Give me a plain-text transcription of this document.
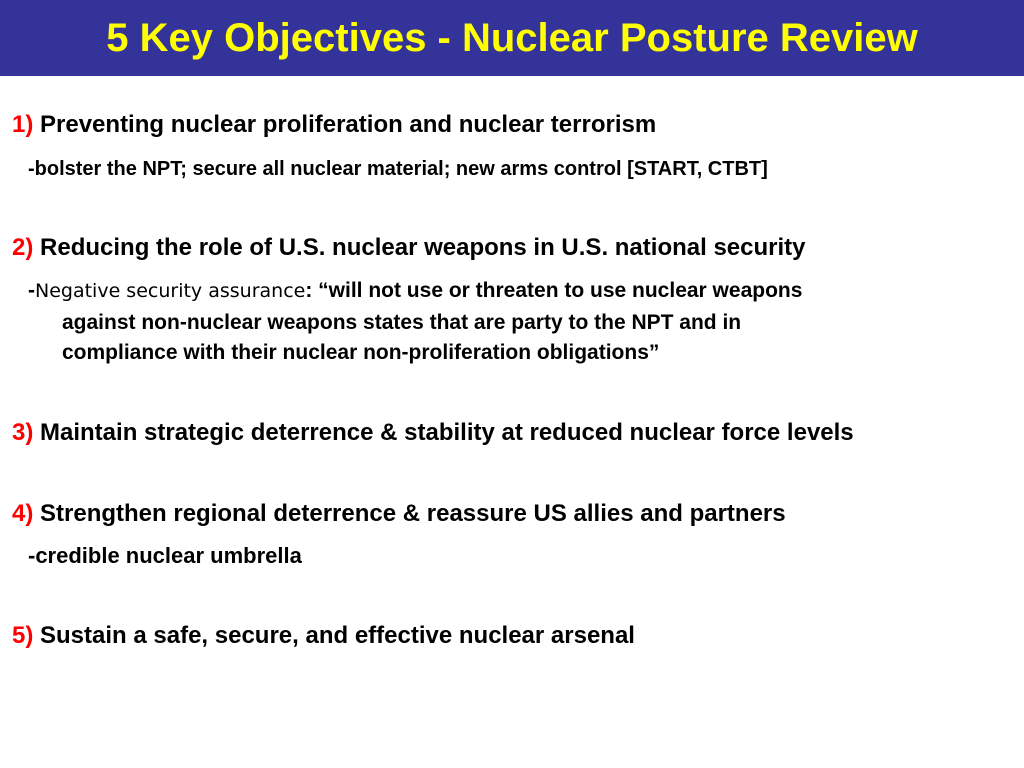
5 Key Objectives - Nuclear Posture Review
1) Preventing nuclear proliferation and nuclear terrorism
-bolster the NPT; secure all nuclear material; new arms control [START, CTBT]
2) Reducing the role of U.S. nuclear weapons in U.S. national security
-Negative security assurance: “will not use or threaten to use nuclear weapons
against non-nuclear weapons states that are party to the NPT and in
compliance with their nuclear non-proliferation obligations”
3) Maintain strategic deterrence & stability at reduced nuclear force levels
4) Strengthen regional deterrence & reassure US allies and partners
-credible nuclear umbrella
5) Sustain a safe, secure, and effective nuclear arsenal
